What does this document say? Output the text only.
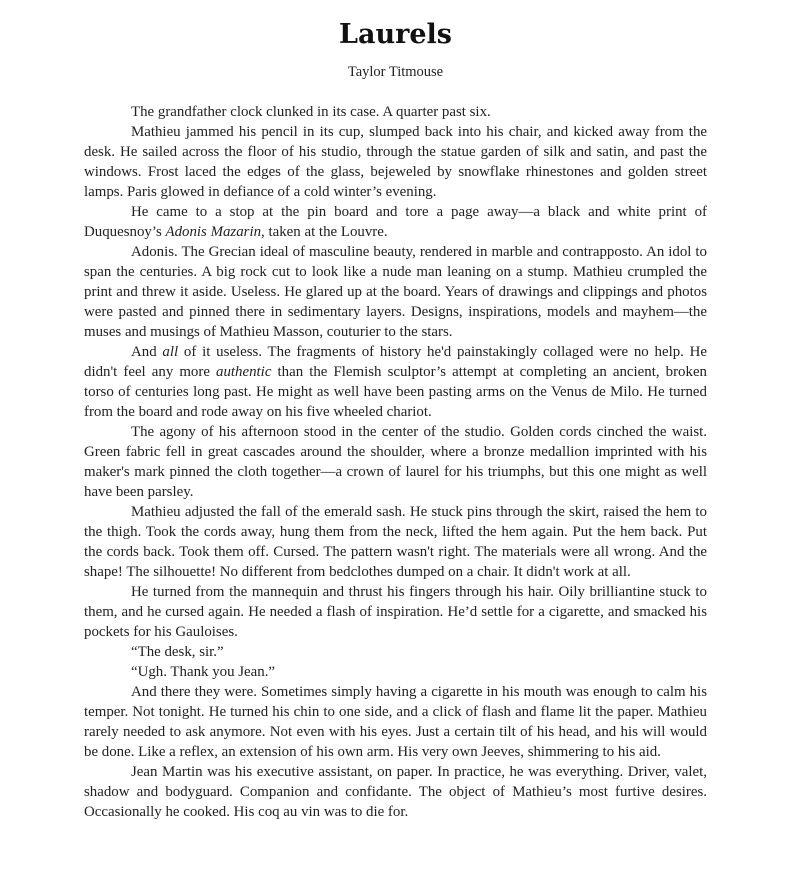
Laurels
Taylor Titmouse

The grandfather clock clunked in its case. A quarter past six.

Mathieu jammed his pencil in its cup, slumped back into his chair, and kicked away from the desk. He sailed across the floor of his studio, through the statue garden of silk and satin, and past the windows. Frost laced the edges of the glass, bejeweled by snowflake rhinestones and golden street lamps. Paris glowed in defiance of a cold winter’s evening.

He came to a stop at the pin board and tore a page away—a black and white print of Duquesnoy’s Adonis Mazarin, taken at the Louvre.

Adonis. The Grecian ideal of masculine beauty, rendered in marble and contrapposto. An idol to span the centuries. A big rock cut to look like a nude man leaning on a stump. Mathieu crumpled the print and threw it aside. Useless. He glared up at the board. Years of drawings and clippings and photos were pasted and pinned there in sedimentary layers. Designs, inspirations, models and mayhem—the muses and musings of Mathieu Masson, couturier to the stars.

And all of it useless. The fragments of history he'd painstakingly collaged were no help. He didn't feel any more authentic than the Flemish sculptor’s attempt at completing an ancient, broken torso of centuries long past. He might as well have been pasting arms on the Venus de Milo. He turned from the board and rode away on his five wheeled chariot.

The agony of his afternoon stood in the center of the studio. Golden cords cinched the waist. Green fabric fell in great cascades around the shoulder, where a bronze medallion imprinted with his maker's mark pinned the cloth together—a crown of laurel for his triumphs, but this one might as well have been parsley.

Mathieu adjusted the fall of the emerald sash. He stuck pins through the skirt, raised the hem to the thigh. Took the cords away, hung them from the neck, lifted the hem again. Put the hem back. Put the cords back. Took them off. Cursed. The pattern wasn't right. The materials were all wrong. And the shape! The silhouette! No different from bedclothes dumped on a chair. It didn't work at all.

He turned from the mannequin and thrust his fingers through his hair. Oily brilliantine stuck to them, and he cursed again. He needed a flash of inspiration. He’d settle for a cigarette, and smacked his pockets for his Gauloises.

“The desk, sir.”

“Ugh. Thank you Jean.”

And there they were. Sometimes simply having a cigarette in his mouth was enough to calm his temper. Not tonight. He turned his chin to one side, and a click of flash and flame lit the paper. Mathieu rarely needed to ask anymore. Not even with his eyes. Just a certain tilt of his head, and his will would be done. Like a reflex, an extension of his own arm. His very own Jeeves, shimmering to his aid.

Jean Martin was his executive assistant, on paper. In practice, he was everything. Driver, valet, shadow and bodyguard. Companion and confidante. The object of Mathieu’s most furtive desires. Occasionally he cooked. His coq au vin was to die for.
